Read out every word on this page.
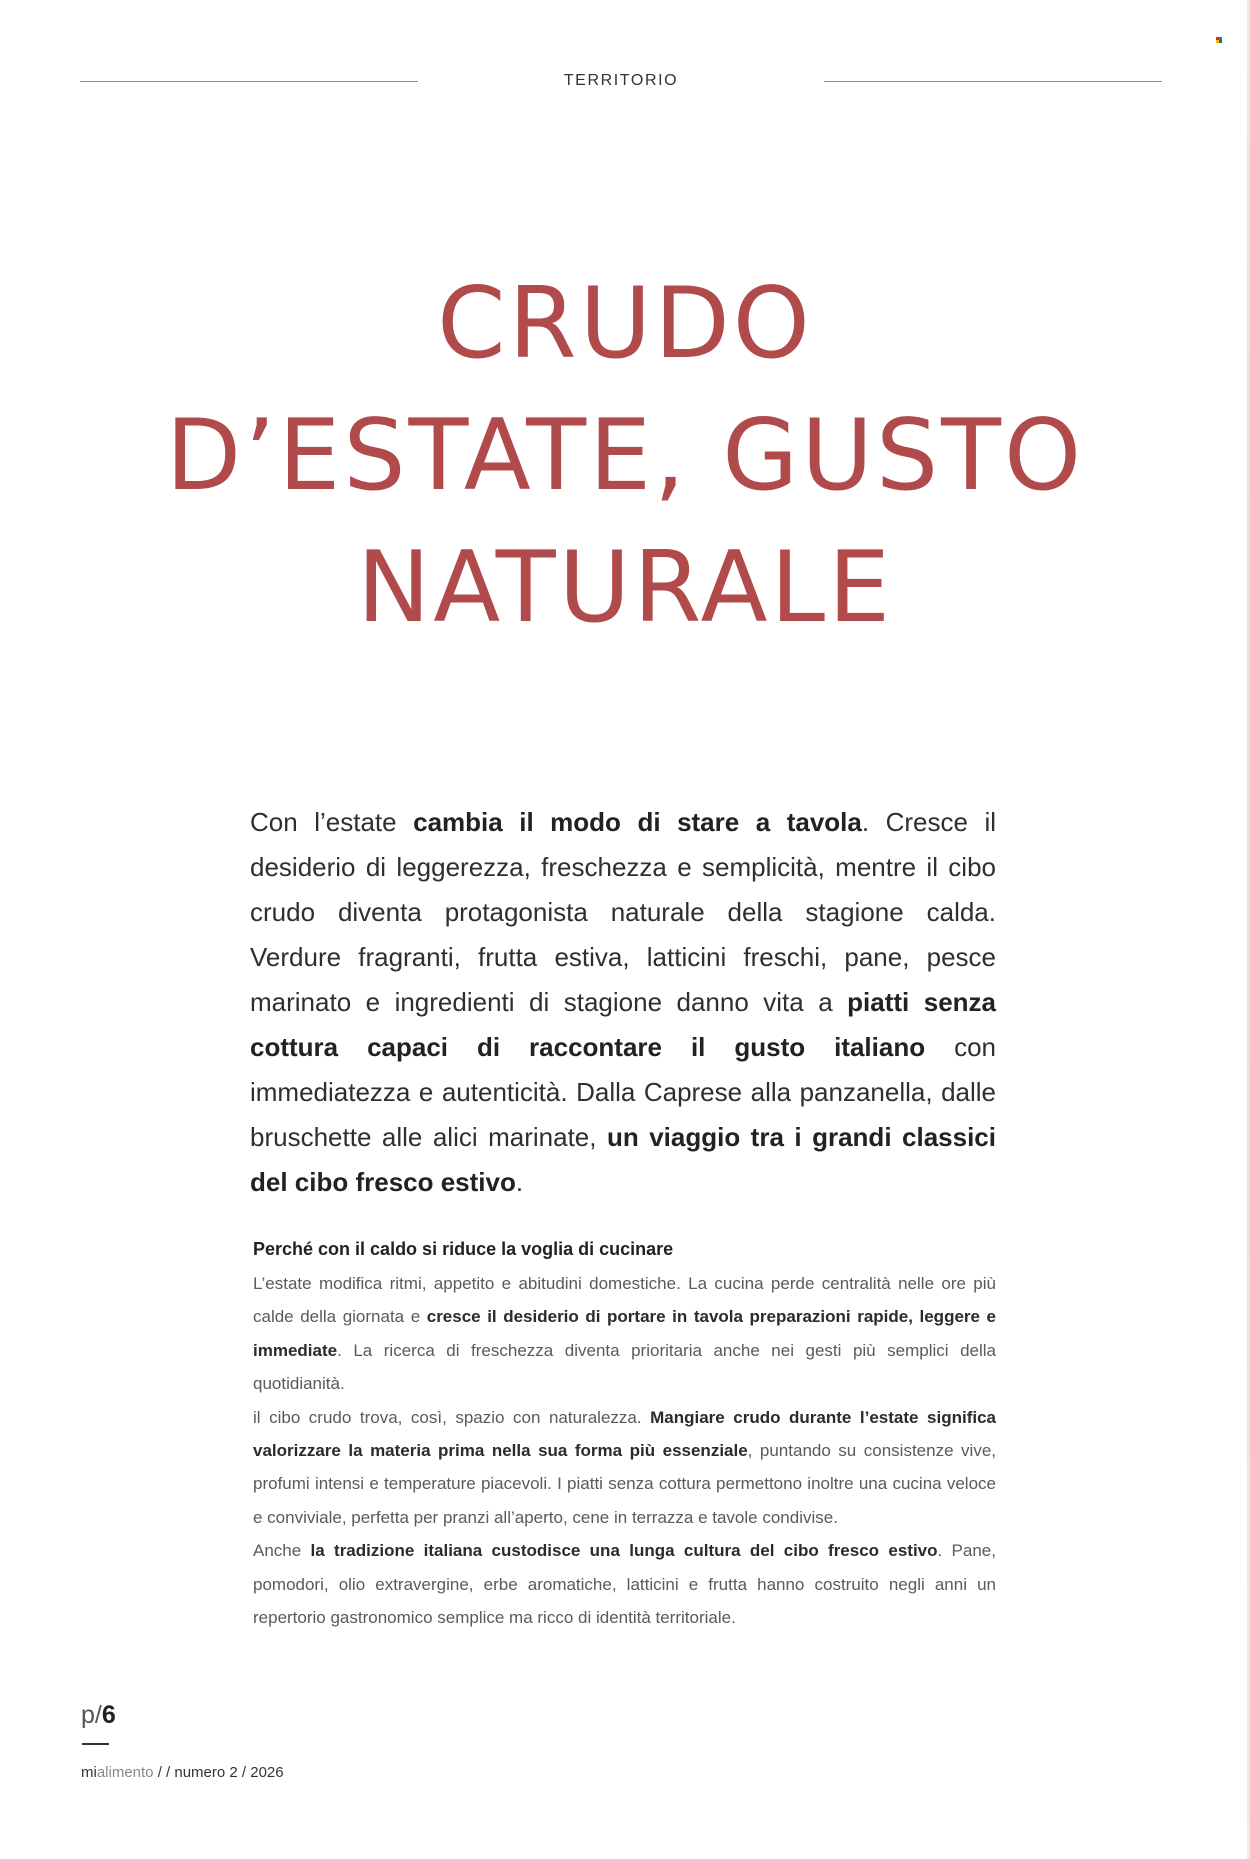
TERRITORIO
CRUDO
D’ESTATE, GUSTO
NATURALE

Con l’estate cambia il modo di stare a tavola. Cresce il desiderio di leggerezza, freschezza e semplicità, mentre il cibo crudo diventa protagonista naturale della stagione calda. Verdure fragranti, frutta estiva, latticini freschi, pane, pesce marinato e ingredienti di stagione danno vita a piatti senza cottura capaci di raccontare il gusto italiano con immediatezza e autenticità. Dalla Caprese alla panzanella, dalle bruschette alle alici marinate, un viaggio tra i grandi classici del cibo fresco estivo.

Perché con il caldo si riduce la voglia di cucinare

L’estate modifica ritmi, appetito e abitudini domestiche. La cucina perde centralità nelle ore più calde della giornata e cresce il desiderio di portare in tavola preparazioni rapide, leggere e immediate. La ricerca di freschezza diventa prioritaria anche nei gesti più semplici della quotidianità.

il cibo crudo trova, così, spazio con naturalezza. Mangiare crudo durante l’estate significa valorizzare la materia prima nella sua forma più essenziale, puntando su consistenze vive, profumi intensi e temperature piacevoli. I piatti senza cottura permettono inoltre una cucina veloce e conviviale, perfetta per pranzi all’aperto, cene in terrazza e tavole condivise.

Anche la tradizione italiana custodisce una lunga cultura del cibo fresco estivo. Pane, pomodori, olio extravergine, erbe aromatiche, latticini e frutta hanno costruito negli anni un repertorio gastronomico semplice ma ricco di identità territoriale.

p/6
mialimento / / numero 2 / 2026
